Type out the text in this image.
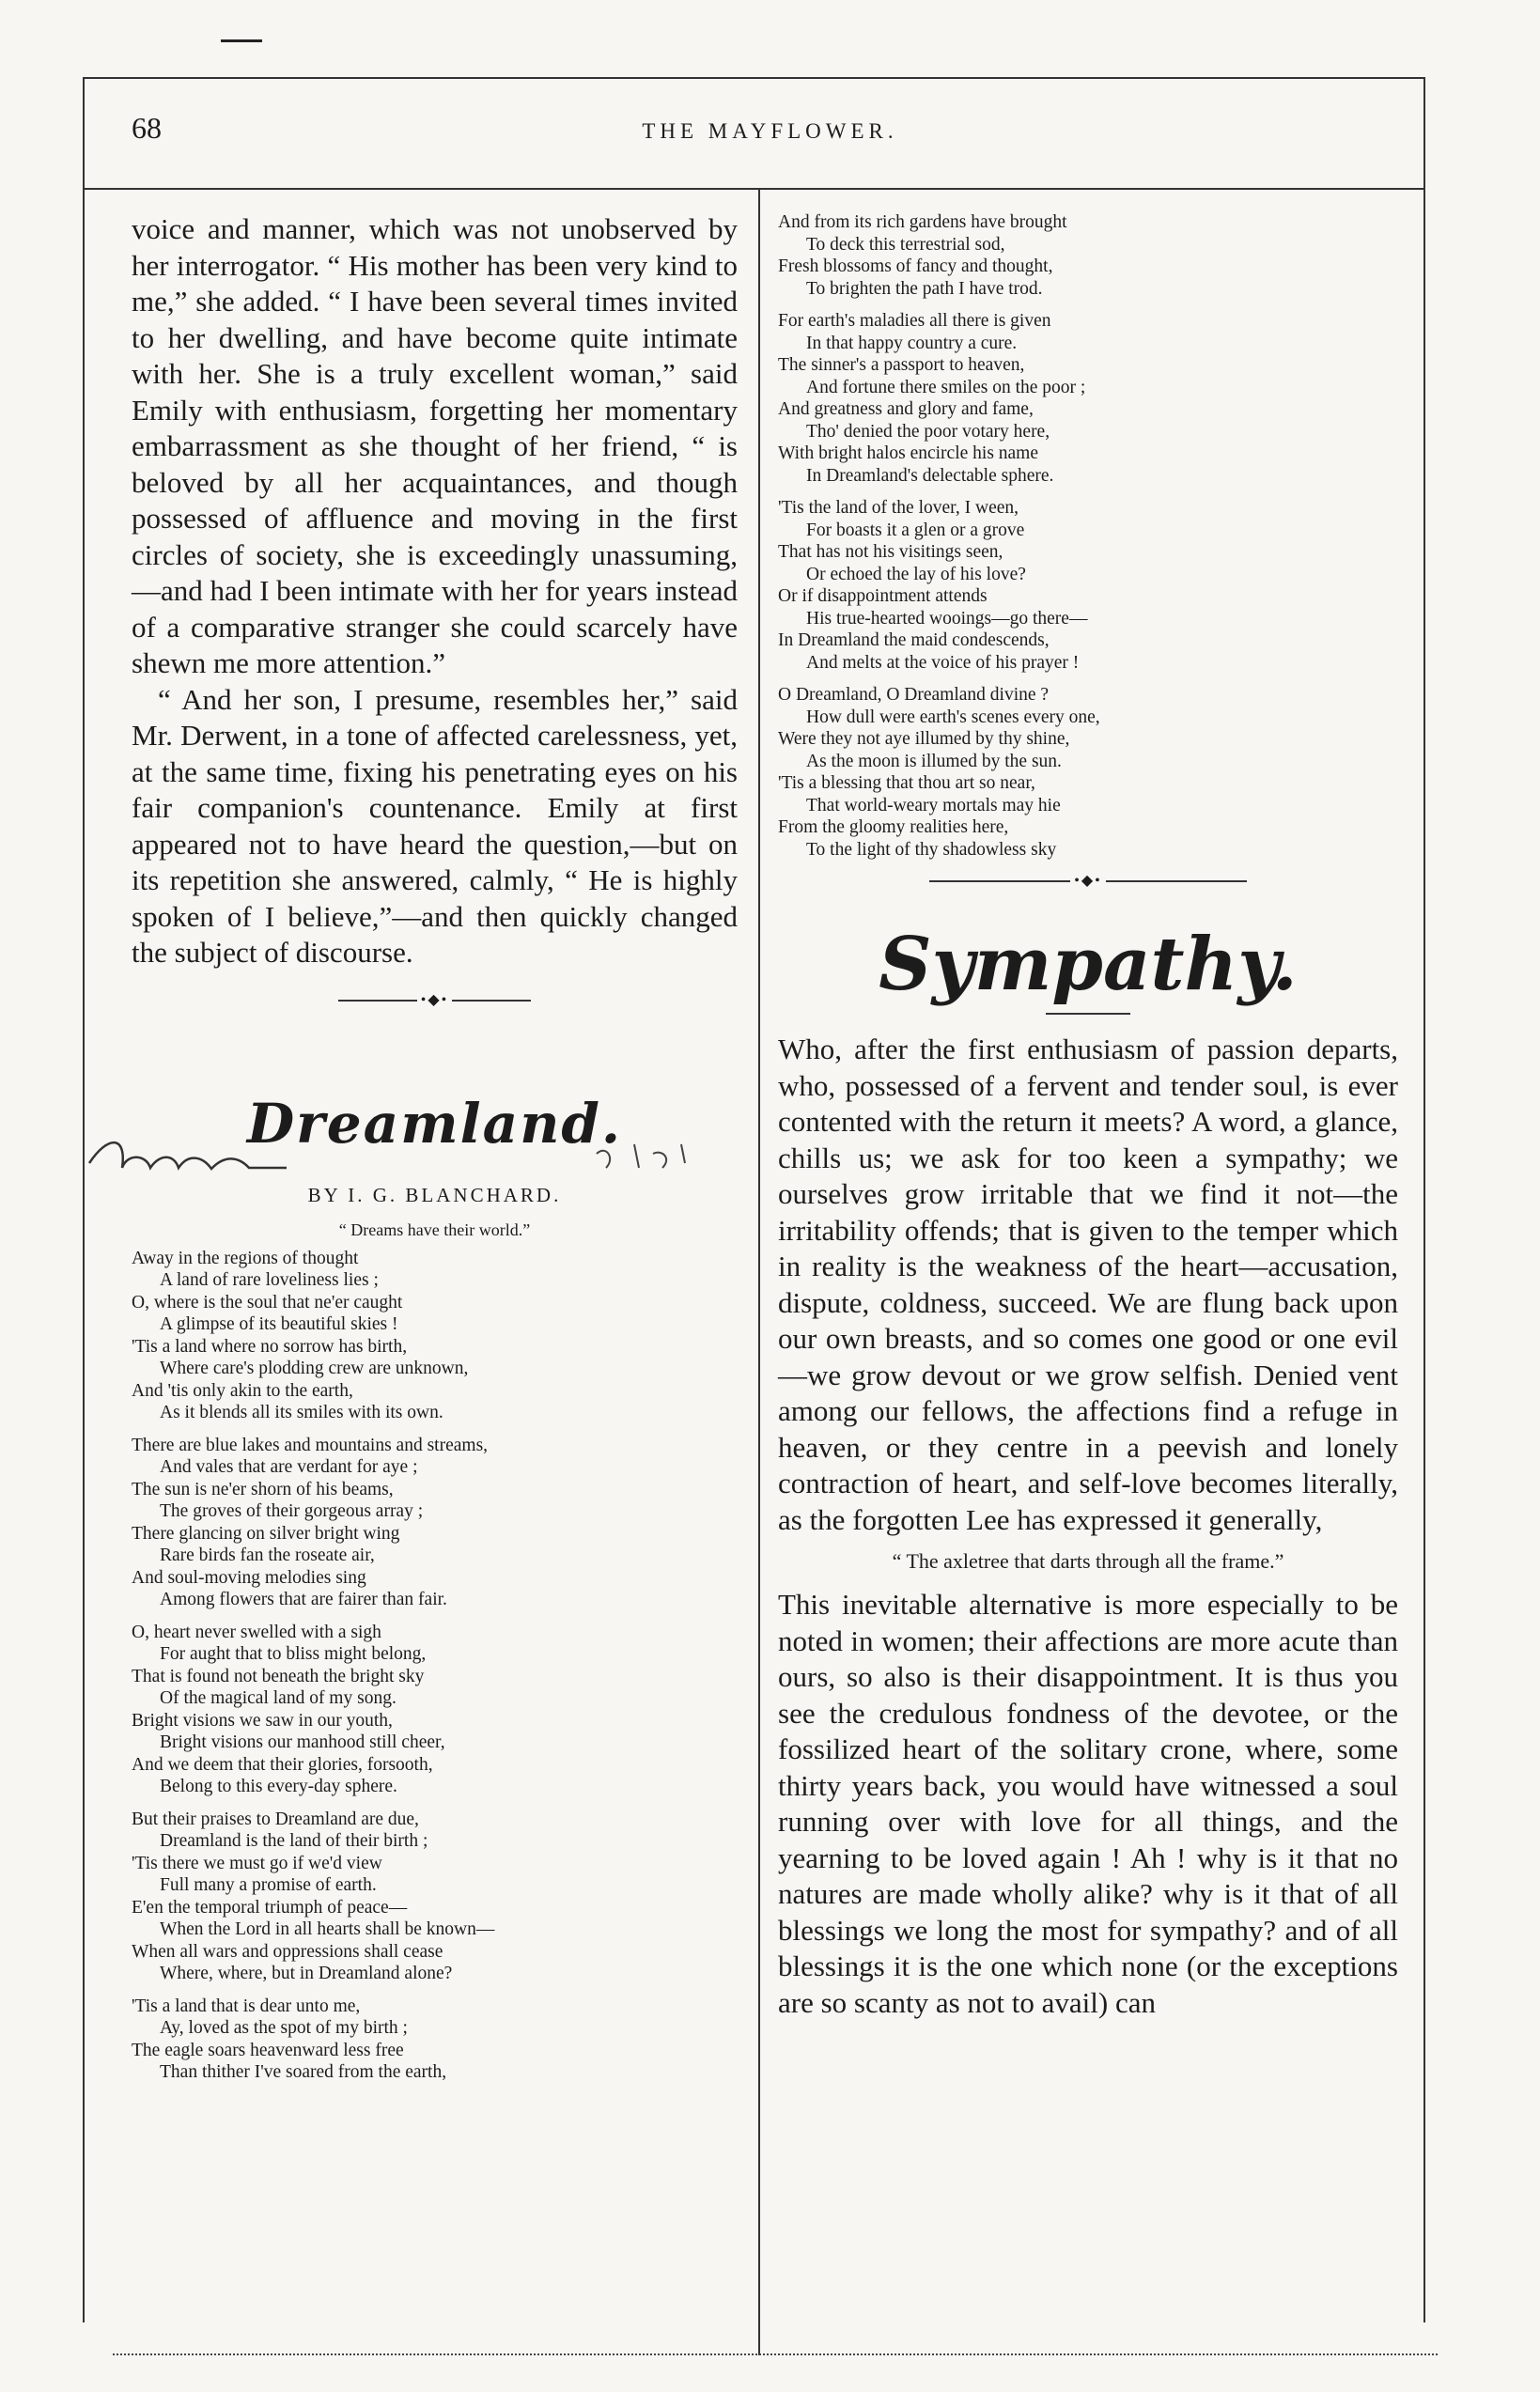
68	THE MAYFLOWER.

voice and manner, which was not unobserved by her interrogator. “ His mother has been very kind to me,” she added. “ I have been several times invited to her dwelling, and have become quite intimate with her. She is a truly excellent woman,” said Emily with enthusiasm, forgetting her momentary embarrassment as she thought of her friend, “ is beloved by all her acquaintances, and though possessed of affluence and moving in the first circles of society, she is exceedingly unassuming,—and had I been intimate with her for years instead of a comparative stranger she could scarcely have shewn me more attention.”

“ And her son, I presume, resembles her,” said Mr. Derwent, in a tone of affected carelessness, yet, at the same time, fixing his penetrating eyes on his fair companion's countenance. Emily at first appeared not to have heard the question,—but on its repetition she answered, calmly, “ He is highly spoken of I believe,”—and then quickly changed the subject of discourse.

•◆•
Dreamland.
BY I. G. BLANCHARD.
“ Dreams have their world.”
Away in the regions of thought
A land of rare loveliness lies ;
O, where is the soul that ne'er caught
A glimpse of its beautiful skies !
'Tis a land where no sorrow has birth,
Where care's plodding crew are unknown,
And 'tis only akin to the earth,
As it blends all its smiles with its own.
There are blue lakes and mountains and streams,
And vales that are verdant for aye ;
The sun is ne'er shorn of his beams,
The groves of their gorgeous array ;
There glancing on silver bright wing
Rare birds fan the roseate air,
And soul-moving melodies sing
Among flowers that are fairer than fair.
O, heart never swelled with a sigh
For aught that to bliss might belong,
That is found not beneath the bright sky
Of the magical land of my song.
Bright visions we saw in our youth,
Bright visions our manhood still cheer,
And we deem that their glories, forsooth,
Belong to this every-day sphere.
But their praises to Dreamland are due,
Dreamland is the land of their birth ;
'Tis there we must go if we'd view
Full many a promise of earth.
E'en the temporal triumph of peace—
When the Lord in all hearts shall be known—
When all wars and oppressions shall cease
Where, where, but in Dreamland alone?
'Tis a land that is dear unto me,
Ay, loved as the spot of my birth ;
The eagle soars heavenward less free
Than thither I've soared from the earth,
And from its rich gardens have brought
To deck this terrestrial sod,
Fresh blossoms of fancy and thought,
To brighten the path I have trod.
For earth's maladies all there is given
In that happy country a cure.
The sinner's a passport to heaven,
And fortune there smiles on the poor ;
And greatness and glory and fame,
Tho' denied the poor votary here,
With bright halos encircle his name
In Dreamland's delectable sphere.
'Tis the land of the lover, I ween,
For boasts it a glen or a grove
That has not his visitings seen,
Or echoed the lay of his love?
Or if disappointment attends
His true-hearted wooings—go there—
In Dreamland the maid condescends,
And melts at the voice of his prayer !
O Dreamland, O Dreamland divine ?
How dull were earth's scenes every one,
Were they not aye illumed by thy shine,
As the moon is illumed by the sun.
'Tis a blessing that thou art so near,
That world-weary mortals may hie
From the gloomy realities here,
To the light of thy shadowless sky
•◆•
Sympathy.

Who, after the first enthusiasm of passion departs, who, possessed of a fervent and tender soul, is ever contented with the return it meets? A word, a glance, chills us; we ask for too keen a sympathy; we ourselves grow irritable that we find it not—the irritability offends; that is given to the temper which in reality is the weakness of the heart—accusation, dispute, coldness, succeed. We are flung back upon our own breasts, and so comes one good or one evil—we grow devout or we grow selfish. Denied vent among our fellows, the affections find a refuge in heaven, or they centre in a peevish and lonely contraction of heart, and self-love becomes literally, as the forgotten Lee has expressed it generally,

“ The axletree that darts through all the frame.”

This inevitable alternative is more especially to be noted in women; their affections are more acute than ours, so also is their disappointment. It is thus you see the credulous fondness of the devotee, or the fossilized heart of the solitary crone, where, some thirty years back, you would have witnessed a soul running over with love for all things, and the yearning to be loved again ! Ah ! why is it that no natures are made wholly alike? why is it that of all blessings we long the most for sympathy? and of all blessings it is the one which none (or the exceptions are so scanty as not to avail) can
